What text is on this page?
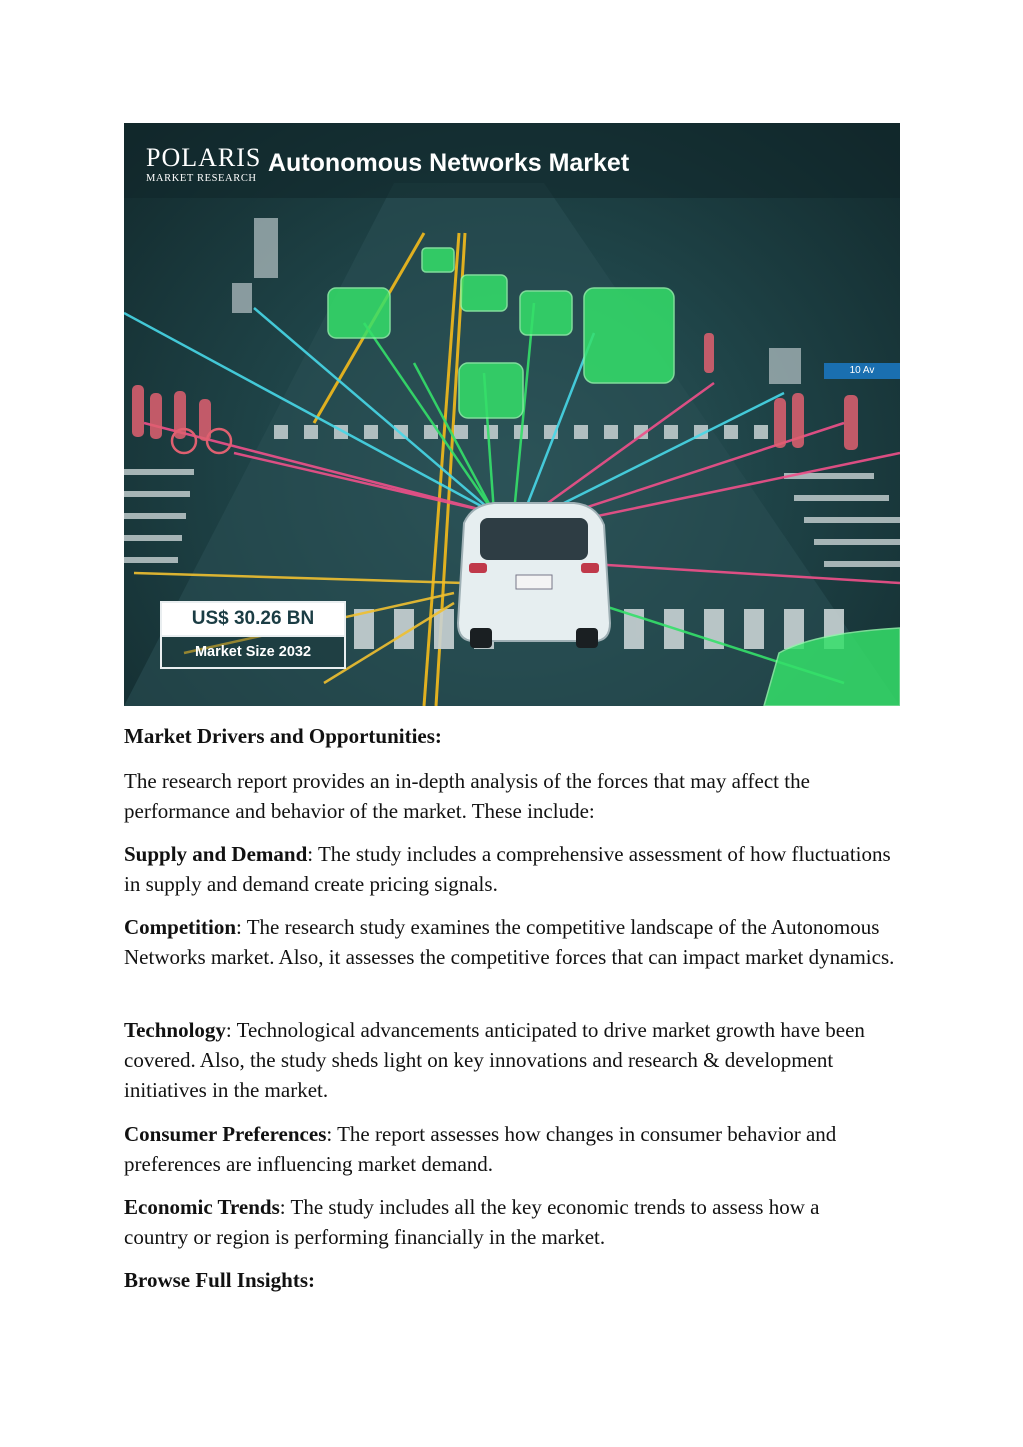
POLARIS
MARKET RESEARCH
Autonomous Networks Market
10 Av
US$ 30.26 BN
Market Size 2032
Market Drivers and Opportunities:

The research report provides an in-depth analysis of the forces that may affect the performance and behavior of the market. These include:

Supply and Demand: The study includes a comprehensive assessment of how fluctuations in supply and demand create pricing signals.

Competition: The research study examines the competitive landscape of the Autonomous Networks market. Also, it assesses the competitive forces that can impact market dynamics.

Technology: Technological advancements anticipated to drive market growth have been covered. Also, the study sheds light on key innovations and research & development initiatives in the market.

Consumer Preferences: The report assesses how changes in consumer behavior and preferences are influencing market demand.

Economic Trends: The study includes all the key economic trends to assess how a country or region is performing financially in the market.

Browse Full Insights:
